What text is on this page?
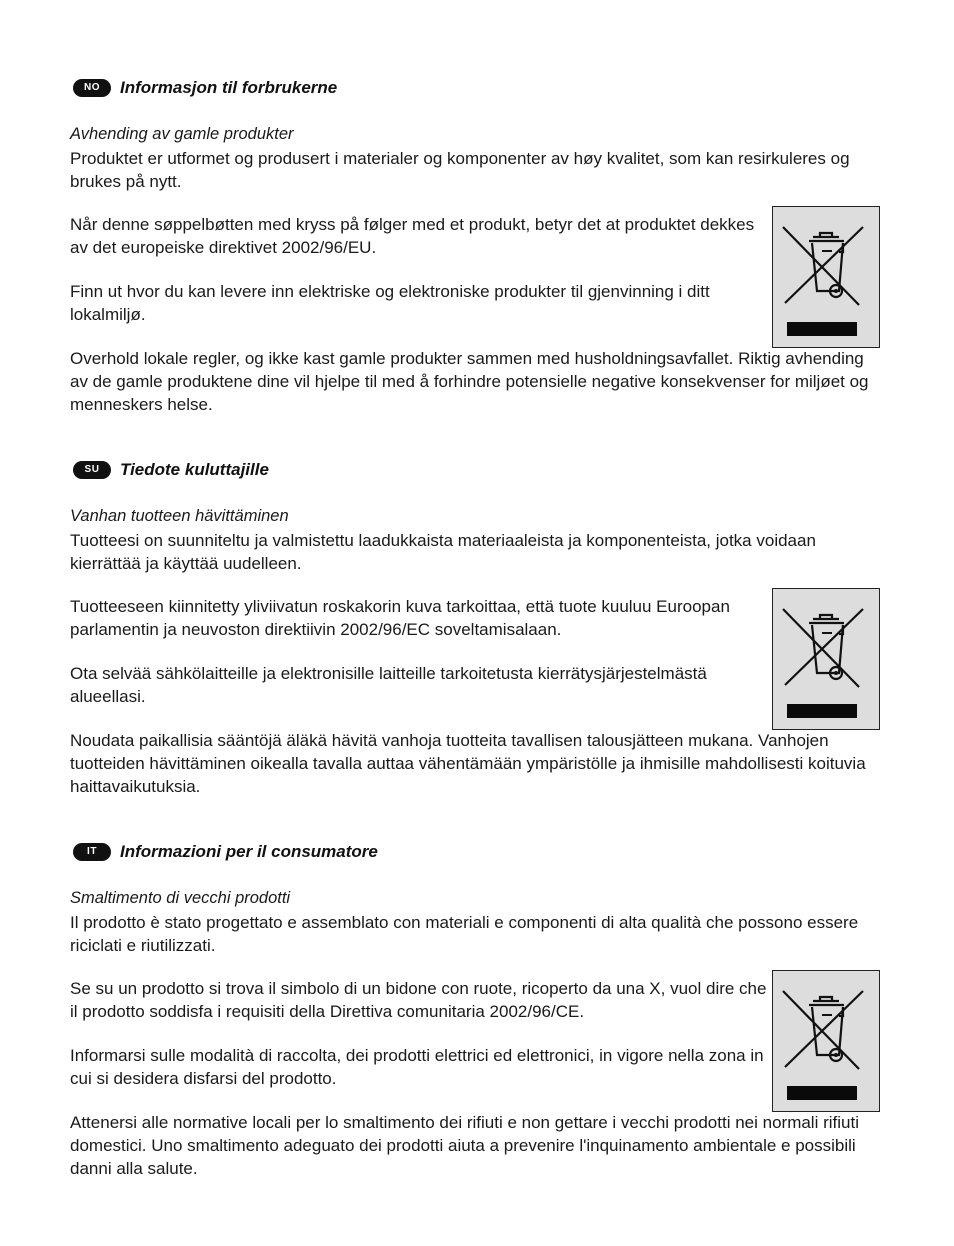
NO	Informasjon til forbrukerne
Avhending av gamle produkter
Produktet er utformet og produsert i materialer og komponenter av høy kvalitet, som kan resirkuleres og brukes på nytt.
Når denne søppelbøtten med kryss på følger med et produkt, betyr det at produktet dekkes av det europeiske direktivet 2002/96/EU.
Finn ut hvor du kan levere inn elektriske og elektroniske produkter til gjenvinning i ditt lokalmiljø.
Overhold lokale regler, og ikke kast gamle produkter sammen med husholdningsavfallet. Riktig avhending av de gamle produktene dine vil hjelpe til med å forhindre potensielle negative konsekvenser for miljøet og menneskers helse.
SU	Tiedote kuluttajille
Vanhan tuotteen hävittäminen
Tuotteesi on suunniteltu ja valmistettu laadukkaista materiaaleista ja komponenteista, jotka voidaan kierrättää ja käyttää uudelleen.
Tuotteeseen kiinnitetty yliviivatun roskakorin kuva tarkoittaa, että tuote kuuluu Euroopan parlamentin ja neuvoston direktiivin 2002/96/EC soveltamisalaan.
Ota selvää sähkölaitteille ja elektronisille laitteille tarkoitetusta kierrätysjärjestelmästä alueellasi.
Noudata paikallisia sääntöjä äläkä hävitä vanhoja tuotteita tavallisen talousjätteen mukana. Vanhojen tuotteiden hävittäminen oikealla tavalla auttaa vähentämään ympäristölle ja ihmisille mahdollisesti koituvia haittavaikutuksia.
IT	Informazioni per il consumatore
Smaltimento di vecchi prodotti
Il prodotto è stato progettato e assemblato con materiali e componenti di alta qualità che possono essere riciclati e riutilizzati.
Se su un prodotto si trova il simbolo di un bidone con ruote, ricoperto da una X, vuol dire che il prodotto soddisfa i requisiti della Direttiva comunitaria 2002/96/CE.
Informarsi sulle modalità di raccolta, dei prodotti elettrici ed elettronici, in vigore nella zona in cui si desidera disfarsi del prodotto.
Attenersi alle normative locali per lo smaltimento dei rifiuti e non gettare i vecchi prodotti nei normali rifiuti domestici. Uno smaltimento adeguato dei prodotti aiuta a prevenire l'inquinamento ambientale e possibili danni alla salute.
